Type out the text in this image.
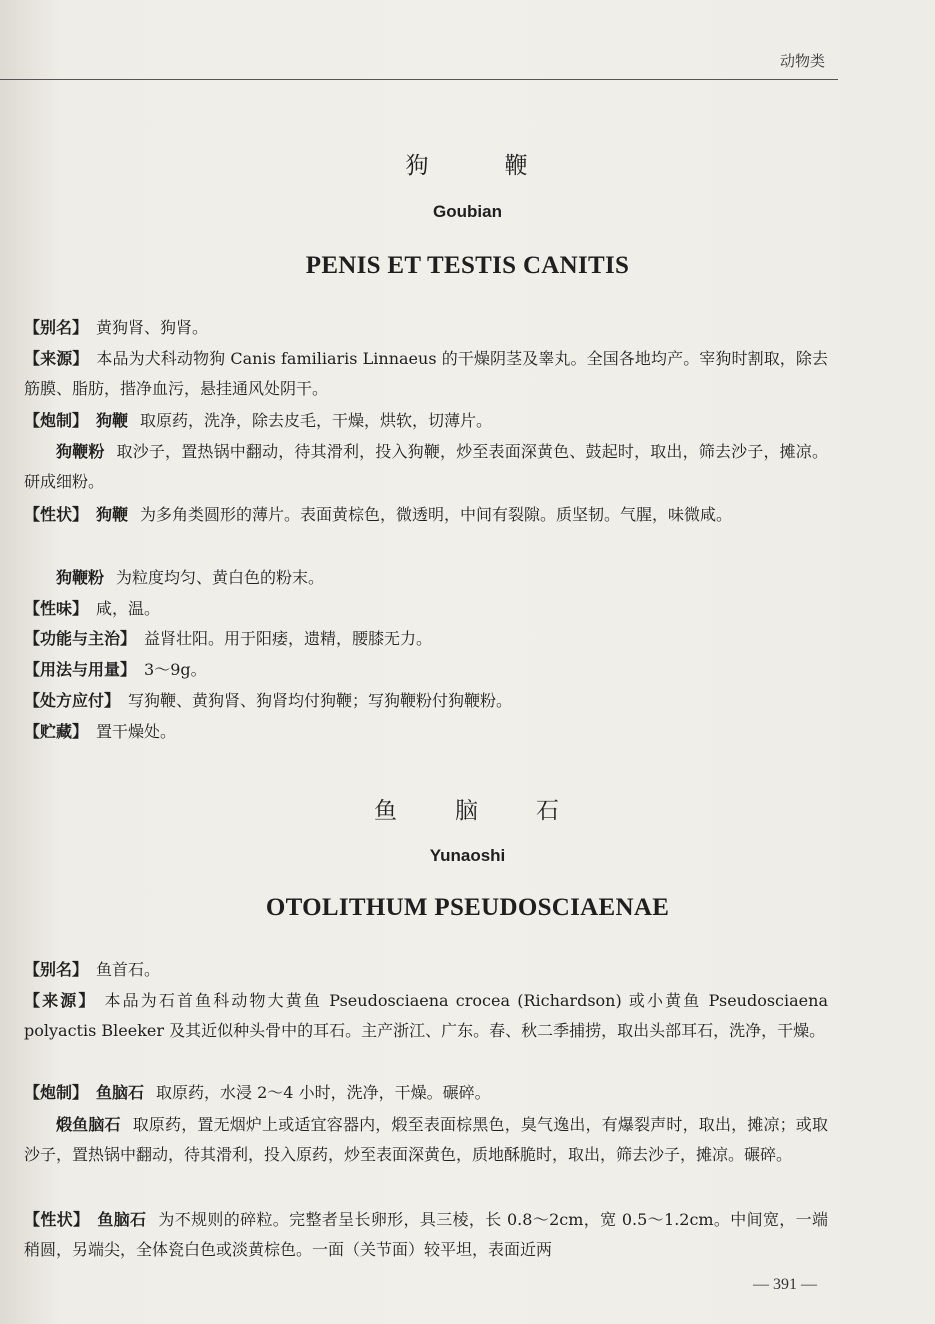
动物类
狗	鞭
Goubian
PENIS ET TESTIS CANITIS
【别名】 黄狗肾、狗肾。
【来源】 本品为犬科动物狗 Canis familiaris Linnaeus 的干燥阴茎及睾丸。全国各地均产。宰狗时割取，除去筋膜、脂肪，揩净血污，悬挂通风处阴干。
【炮制】 狗鞭 取原药，洗净，除去皮毛，干燥，烘软，切薄片。
狗鞭粉 取沙子，置热锅中翻动，待其滑利，投入狗鞭，炒至表面深黄色、鼓起时，取出，筛去沙子，摊凉。研成细粉。
【性状】 狗鞭 为多角类圆形的薄片。表面黄棕色，微透明，中间有裂隙。质坚韧。气腥，味微咸。
狗鞭粉 为粒度均匀、黄白色的粉末。
【性味】 咸，温。
【功能与主治】 益肾壮阳。用于阳痿，遗精，腰膝无力。
【用法与用量】 3～9g。
【处方应付】 写狗鞭、黄狗肾、狗肾均付狗鞭；写狗鞭粉付狗鞭粉。
【贮藏】 置干燥处。
鱼 脑 石
Yunaoshi
OTOLITHUM PSEUDOSCIAENAE
【别名】 鱼首石。
【来源】 本品为石首鱼科动物大黄鱼 Pseudosciaena crocea (Richardson) 或小黄鱼 Pseudosciaena polyactis Bleeker 及其近似种头骨中的耳石。主产浙江、广东。春、秋二季捕捞，取出头部耳石，洗净，干燥。
【炮制】 鱼脑石 取原药，水浸 2～4 小时，洗净，干燥。碾碎。
煅鱼脑石 取原药，置无烟炉上或适宜容器内，煅至表面棕黑色，臭气逸出，有爆裂声时，取出，摊凉；或取沙子，置热锅中翻动，待其滑利，投入原药，炒至表面深黄色，质地酥脆时，取出，筛去沙子，摊凉。碾碎。
【性状】 鱼脑石 为不规则的碎粒。完整者呈长卵形，具三棱，长 0.8～2cm，宽 0.5～1.2cm。中间宽，一端稍圆，另端尖，全体瓷白色或淡黄棕色。一面（关节面）较平坦，表面近两
— 391 —
